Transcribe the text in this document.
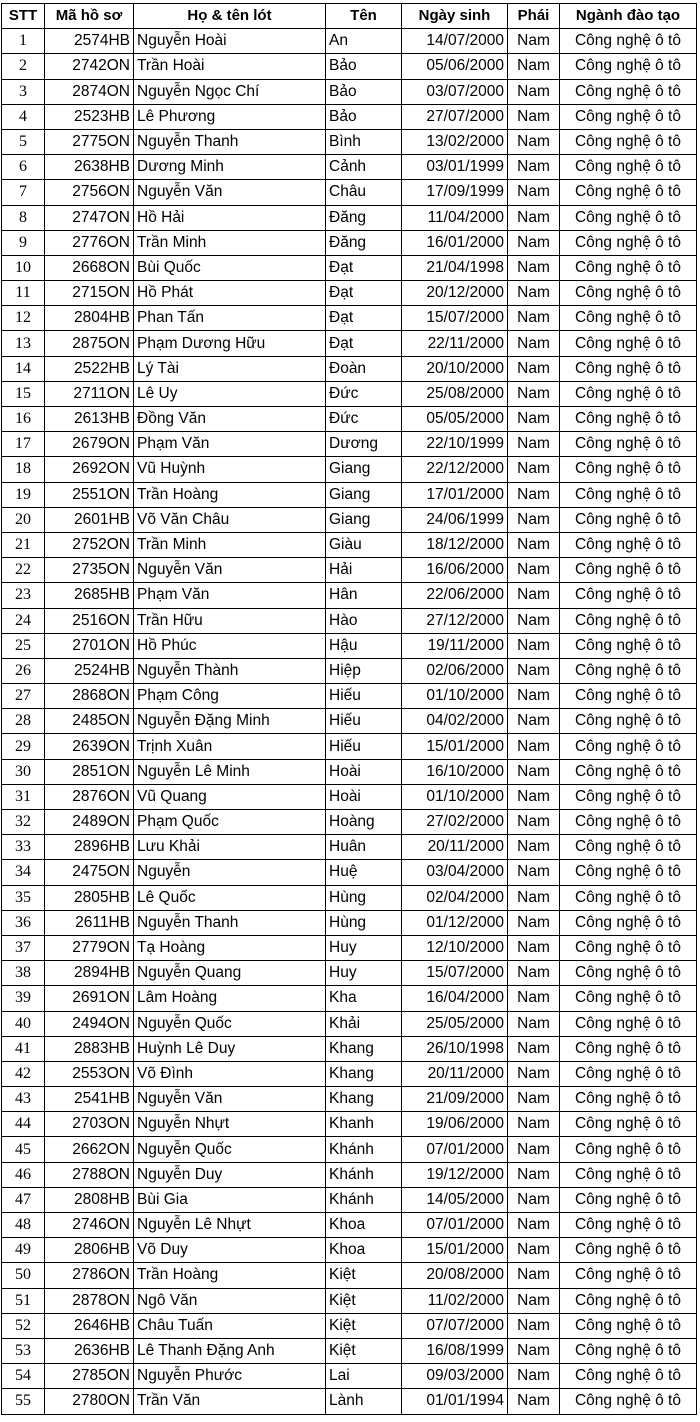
STT	Mã hồ sơ	Họ & tên lót	Tên	Ngày sinh	Phái	Ngành đào tạo
1	2574HB	Nguyễn Hoài	An	14/07/2000	Nam	Công nghệ ô tô
2	2742ON	Trần Hoài	Bảo	05/06/2000	Nam	Công nghệ ô tô
3	2874ON	Nguyễn Ngọc Chí	Bảo	03/07/2000	Nam	Công nghệ ô tô
4	2523HB	Lê Phương	Bảo	27/07/2000	Nam	Công nghệ ô tô
5	2775ON	Nguyễn Thanh	Bình	13/02/2000	Nam	Công nghệ ô tô
6	2638HB	Dương Minh	Cảnh	03/01/1999	Nam	Công nghệ ô tô
7	2756ON	Nguyễn Văn	Châu	17/09/1999	Nam	Công nghệ ô tô
8	2747ON	Hồ Hải	Đăng	11/04/2000	Nam	Công nghệ ô tô
9	2776ON	Trần Minh	Đăng	16/01/2000	Nam	Công nghệ ô tô
10	2668ON	Bùi Quốc	Đạt	21/04/1998	Nam	Công nghệ ô tô
11	2715ON	Hồ Phát	Đạt	20/12/2000	Nam	Công nghệ ô tô
12	2804HB	Phan Tấn	Đạt	15/07/2000	Nam	Công nghệ ô tô
13	2875ON	Phạm Dương Hữu	Đạt	22/11/2000	Nam	Công nghệ ô tô
14	2522HB	Lý Tài	Đoàn	20/10/2000	Nam	Công nghệ ô tô
15	2711ON	Lê Uy	Đức	25/08/2000	Nam	Công nghệ ô tô
16	2613HB	Đồng Văn	Đức	05/05/2000	Nam	Công nghệ ô tô
17	2679ON	Phạm Văn	Dương	22/10/1999	Nam	Công nghệ ô tô
18	2692ON	Vũ Huỳnh	Giang	22/12/2000	Nam	Công nghệ ô tô
19	2551ON	Trần Hoàng	Giang	17/01/2000	Nam	Công nghệ ô tô
20	2601HB	Võ Văn Châu	Giang	24/06/1999	Nam	Công nghệ ô tô
21	2752ON	Trần Minh	Giàu	18/12/2000	Nam	Công nghệ ô tô
22	2735ON	Nguyễn Văn	Hải	16/06/2000	Nam	Công nghệ ô tô
23	2685HB	Phạm Văn	Hân	22/06/2000	Nam	Công nghệ ô tô
24	2516ON	Trần Hữu	Hào	27/12/2000	Nam	Công nghệ ô tô
25	2701ON	Hồ Phúc	Hậu	19/11/2000	Nam	Công nghệ ô tô
26	2524HB	Nguyễn Thành	Hiệp	02/06/2000	Nam	Công nghệ ô tô
27	2868ON	Phạm Công	Hiếu	01/10/2000	Nam	Công nghệ ô tô
28	2485ON	Nguyễn Đặng Minh	Hiếu	04/02/2000	Nam	Công nghệ ô tô
29	2639ON	Trịnh Xuân	Hiếu	15/01/2000	Nam	Công nghệ ô tô
30	2851ON	Nguyễn Lê Minh	Hoài	16/10/2000	Nam	Công nghệ ô tô
31	2876ON	Vũ Quang	Hoài	01/10/2000	Nam	Công nghệ ô tô
32	2489ON	Phạm Quốc	Hoàng	27/02/2000	Nam	Công nghệ ô tô
33	2896HB	Lưu Khải	Huân	20/11/2000	Nam	Công nghệ ô tô
34	2475ON	Nguyễn	Huệ	03/04/2000	Nam	Công nghệ ô tô
35	2805HB	Lê Quốc	Hùng	02/04/2000	Nam	Công nghệ ô tô
36	2611HB	Nguyễn Thanh	Hùng	01/12/2000	Nam	Công nghệ ô tô
37	2779ON	Tạ Hoàng	Huy	12/10/2000	Nam	Công nghệ ô tô
38	2894HB	Nguyễn Quang	Huy	15/07/2000	Nam	Công nghệ ô tô
39	2691ON	Lâm Hoàng	Kha	16/04/2000	Nam	Công nghệ ô tô
40	2494ON	Nguyễn Quốc	Khải	25/05/2000	Nam	Công nghệ ô tô
41	2883HB	Huỳnh Lê Duy	Khang	26/10/1998	Nam	Công nghệ ô tô
42	2553ON	Võ Đình	Khang	20/11/2000	Nam	Công nghệ ô tô
43	2541HB	Nguyễn Văn	Khang	21/09/2000	Nam	Công nghệ ô tô
44	2703ON	Nguyễn Nhựt	Khanh	19/06/2000	Nam	Công nghệ ô tô
45	2662ON	Nguyễn Quốc	Khánh	07/01/2000	Nam	Công nghệ ô tô
46	2788ON	Nguyễn Duy	Khánh	19/12/2000	Nam	Công nghệ ô tô
47	2808HB	Bùi Gia	Khánh	14/05/2000	Nam	Công nghệ ô tô
48	2746ON	Nguyễn Lê Nhựt	Khoa	07/01/2000	Nam	Công nghệ ô tô
49	2806HB	Võ Duy	Khoa	15/01/2000	Nam	Công nghệ ô tô
50	2786ON	Trần Hoàng	Kiệt	20/08/2000	Nam	Công nghệ ô tô
51	2878ON	Ngô Văn	Kiệt	11/02/2000	Nam	Công nghệ ô tô
52	2646HB	Châu Tuấn	Kiệt	07/07/2000	Nam	Công nghệ ô tô
53	2636HB	Lê Thanh Đặng Anh	Kiệt	16/08/1999	Nam	Công nghệ ô tô
54	2785ON	Nguyễn Phước	Lai	09/03/2000	Nam	Công nghệ ô tô
55	2780ON	Trần Văn	Lành	01/01/1994	Nam	Công nghệ ô tô
